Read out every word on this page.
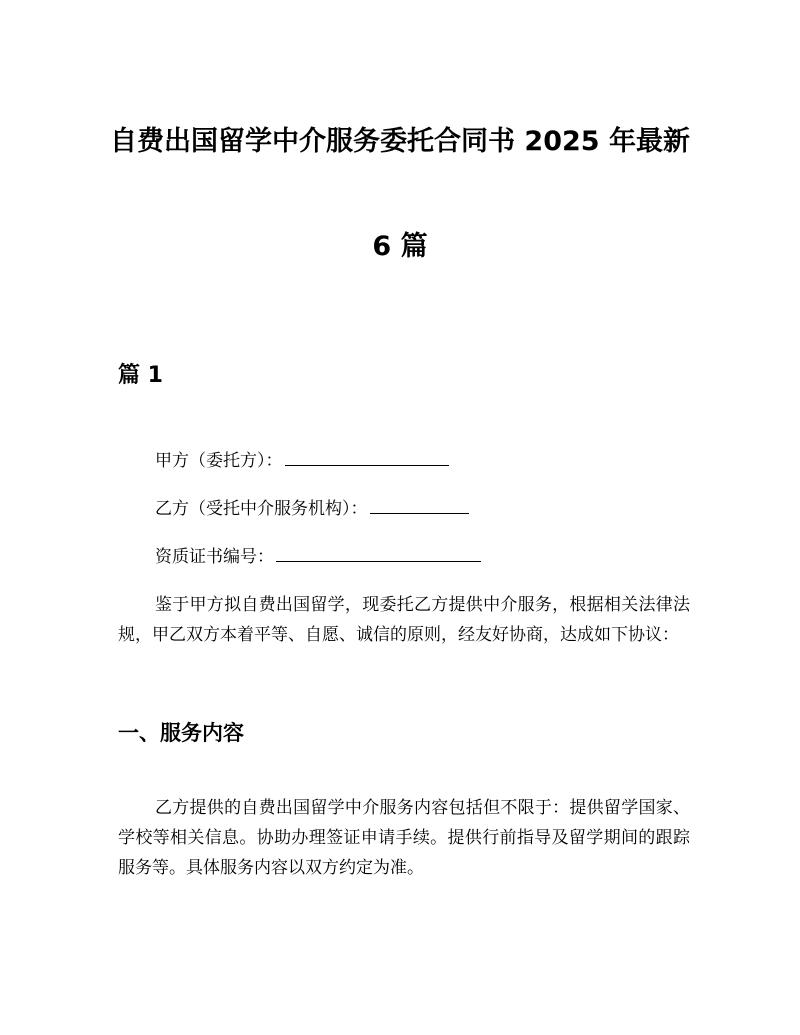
自费出国留学中介服务委托合同书 2025 年最新
6 篇
篇 1
甲方（委托方）：
乙方（受托中介服务机构）：
资质证书编号：

鉴于甲方拟自费出国留学，现委托乙方提供中介服务，根据相关法律法规，甲乙双方本着平等、自愿、诚信的原则，经友好协商，达成如下协议：

一、服务内容

乙方提供的自费出国留学中介服务内容包括但不限于：提供留学国家、学校等相关信息。协助办理签证申请手续。提供行前指导及留学期间的跟踪服务等。具体服务内容以双方约定为准。
